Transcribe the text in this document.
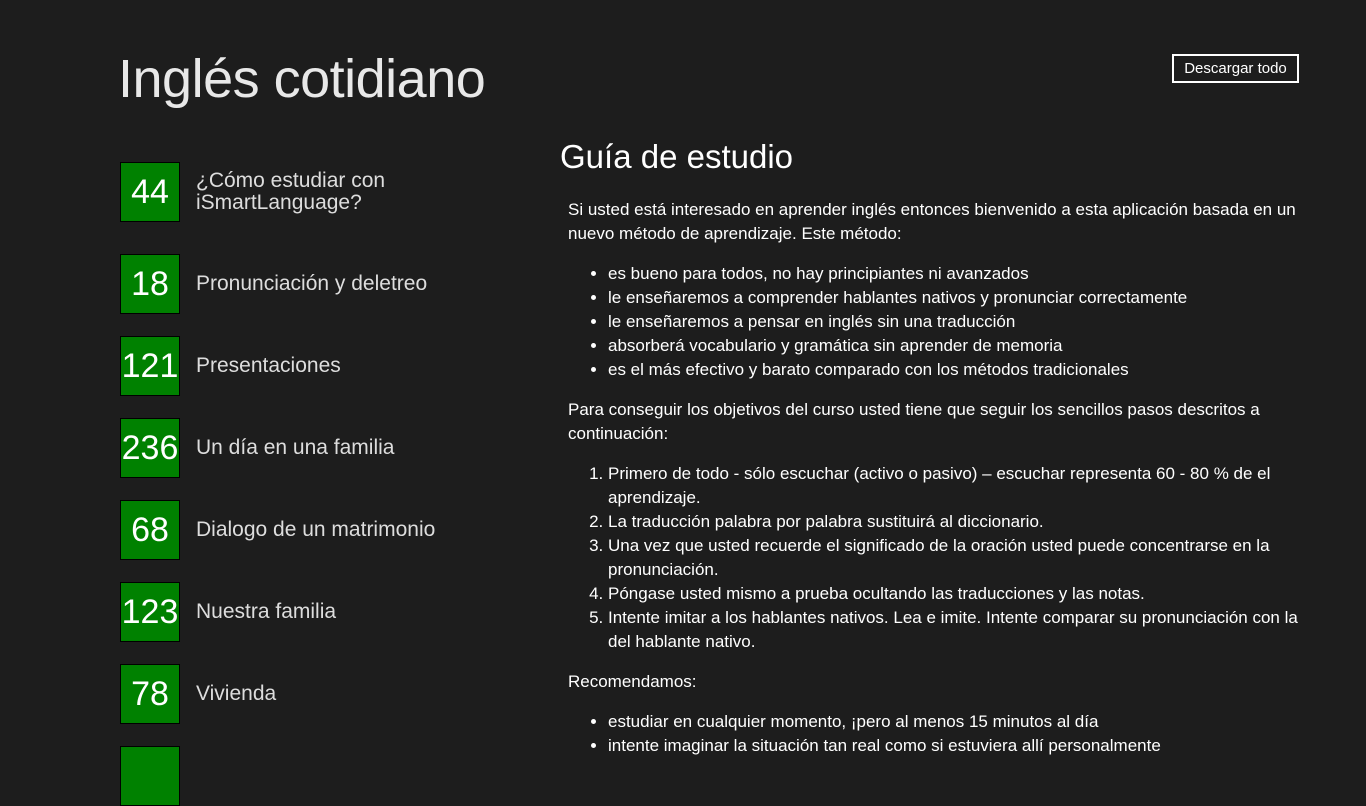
Inglés cotidiano	Descargar todo
44	¿Cómo estudiar con iSmartLanguage?
18	Pronunciación y deletreo
121 Presentaciones
236 Un día en una familia
68	Dialogo de un matrimonio
123 Nuestra familia
78	Vivienda
Guía de estudio

Si usted está interesado en aprender inglés entonces bienvenido a esta aplicación basada en un nuevo método de aprendizaje. Este método:

• es bueno para todos, no hay principiantes ni avanzados
• le enseñaremos a comprender hablantes nativos y pronunciar correctamente
• le enseñaremos a pensar en inglés sin una traducción
• absorberá vocabulario y gramática sin aprender de memoria
• es el más efectivo y barato comparado con los métodos tradicionales

Para conseguir los objetivos del curso usted tiene que seguir los sencillos pasos descritos a continuación:

1. Primero de todo - sólo escuchar (activo o pasivo) – escuchar representa 60 - 80 % de el aprendizaje.
2. La traducción palabra por palabra sustituirá al diccionario.
3. Una vez que usted recuerde el significado de la oración usted puede concentrarse en la pronunciación.
4. Póngase usted mismo a prueba ocultando las traducciones y las notas.
5. Intente imitar a los hablantes nativos. Lea e imite. Intente comparar su pronunciación con la del hablante nativo.

Recomendamos:

• estudiar en cualquier momento, ¡pero al menos 15 minutos al día
• intente imaginar la situación tan real como si estuviera allí personalmente
